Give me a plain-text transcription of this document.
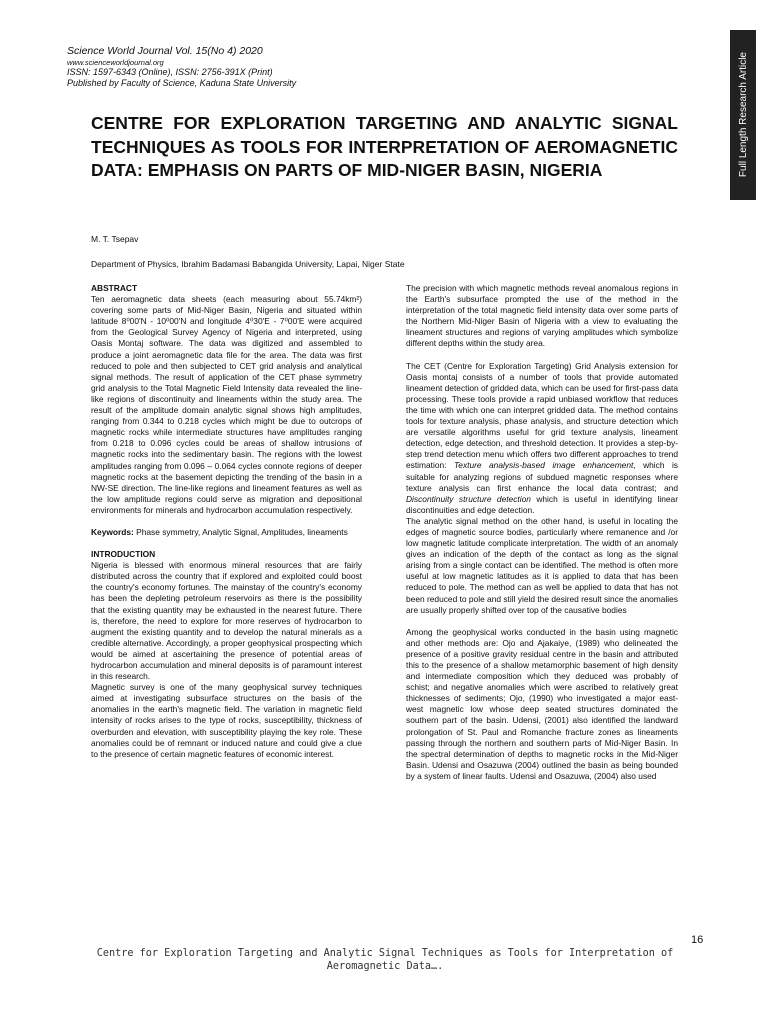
Science World Journal Vol. 15(No 4) 2020
www.scienceworldjournal.org
ISSN: 1597-6343 (Online), ISSN: 2756-391X (Print)
Published by Faculty of Science, Kaduna State University	Full Length Research Article
CENTRE FOR EXPLORATION TARGETING AND ANALYTIC SIGNAL TECHNIQUES AS TOOLS FOR INTERPRETATION OF AEROMAGNETIC DATA: EMPHASIS ON PARTS OF MID-NIGER BASIN, NIGERIA
M. T. Tsepav
Department of Physics, Ibrahim Badamasi Babangida University, Lapai, Niger State

ABSTRACT

Ten aeromagnetic data sheets (each measuring about 55.74km²) covering some parts of Mid-Niger Basin, Nigeria and situated within latitude 8⁰00'N - 10⁰00'N and longitude 4⁰30'E - 7⁰00'E were acquired from the Geological Survey Agency of Nigeria and interpreted, using Oasis Montaj software. The data was digitized and assembled to produce a joint aeromagnetic data file for the area. The data was first reduced to pole and then subjected to CET grid analysis and analytical signal methods. The result of application of the CET phase symmetry grid analysis to the Total Magnetic Field Intensity data revealed the line-like regions of discontinuity and lineaments within the study area. The result of the amplitude domain analytic signal shows high amplitudes, ranging from 0.344 to 0.218 cycles which might be due to outcrops of magnetic rocks while intermediate structures have amplitudes ranging from 0.218 to 0.096 cycles could be areas of shallow intrusions of magnetic rocks into the sedimentary basin. The regions with the lowest amplitudes ranging from 0.096 – 0.064 cycles connote regions of deeper magnetic rocks at the basement depicting the trending of the basin in a NW-SE direction. The line-like regions and lineament features as well as the low amplitude regions could serve as migration and depositional environments for minerals and hydrocarbon accumulation respectively.

Keywords: Phase symmetry, Analytic Signal, Amplitudes, lineaments

INTRODUCTION

Nigeria is blessed with enormous mineral resources that are fairly distributed across the country that if explored and exploited could boost the country's economy fortunes. The mainstay of the country's economy has been the depleting petroleum reservoirs as there is the possibility that the existing quantity may be exhausted in the nearest future. There is, therefore, the need to explore for more reserves of hydrocarbon to augment the existing quantity and to develop the natural minerals as a credible alternative. Accordingly, a proper geophysical prospecting which would be aimed at ascertaining the presence of potential areas of hydrocarbon accumulation and mineral deposits is of paramount interest in this research.

Magnetic survey is one of the many geophysical survey techniques aimed at investigating subsurface structures on the basis of the anomalies in the earth's magnetic field. The variation in magnetic field intensity of rocks arises to the type of rocks, susceptibility, thickness of overburden and elevation, with susceptibility playing the key role. These anomalies could be of remnant or induced nature and could give a clue to the presence of certain magnetic features of economic interest.

The precision with which magnetic methods reveal anomalous regions in the Earth's subsurface prompted the use of the method in the interpretation of the total magnetic field intensity data over some parts of the Northern Mid-Niger Basin of Nigeria with a view to evaluating the lineament structures and regions of varying amplitudes which symbolize different depths within the study area.

The CET (Centre for Exploration Targeting) Grid Analysis extension for Oasis montaj consists of a number of tools that provide automated lineament detection of gridded data, which can be used for first-pass data processing. These tools provide a rapid unbiased workflow that reduces the time with which one can interpret gridded data. The method contains tools for texture analysis, phase analysis, and structure detection which are versatile algorithms useful for grid texture analysis, lineament detection, edge detection, and threshold detection. It provides a step-by-step trend detection menu which offers two different approaches to trend estimation: Texture analysis-based image enhancement, which is suitable for analyzing regions of subdued magnetic responses where texture analysis can first enhance the local data contrast; and Discontinuity structure detection which is useful in identifying linear discontinuities and edge detection.

The analytic signal method on the other hand, is useful in locating the edges of magnetic source bodies, particularly where remanence and /or low magnetic latitude complicate interpretation. The width of an anomaly gives an indication of the depth of the contact as long as the signal arising from a single contact can be identified. The method is often more useful at low magnetic latitudes as it is applied to data that has been reduced to pole. The method can as well be applied to data that has not been reduced to pole and still yield the desired result since the anomalies are usually properly shifted over top of the causative bodies

Among the geophysical works conducted in the basin using magnetic and other methods are: Ojo and Ajakaiye, (1989) who delineated the presence of a positive gravity residual centre in the basin and attributed this to the presence of a shallow metamorphic basement of high density and intermediate composition which they deduced was probably of schist; and negative anomalies which were ascribed to relatively great thicknesses of sediments; Ojo, (1990) who investigated a major east-west magnetic low whose deep seated structures dominated the southern part of the basin. Udensi, (2001) also identified the landward prolongation of St. Paul and Romanche fracture zones as lineaments passing through the northern and southern parts of Mid-Niger Basin. In the spectral determination of depths to magnetic rocks in the Mid-Niger Basin. Udensi and Osazuwa (2004) outlined the basin as being bounded by a system of linear faults. Udensi and Osazuwa, (2004) also used

16
Centre for Exploration Targeting and Analytic Signal Techniques as Tools for Interpretation of Aeromagnetic Data….
